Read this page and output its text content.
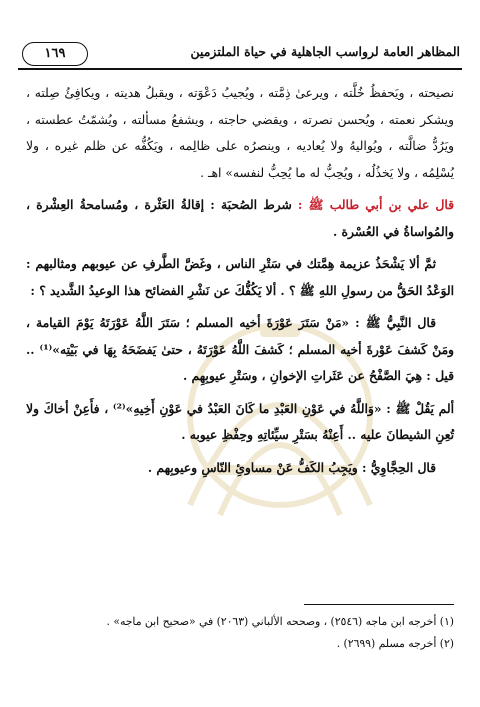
المظاهر العامة لرواسب الجاهلية في حياة الملتزمين
١٦٩

نصيحته ، ويَحفظُ خُلَّته ، ويرعىٰ ذِمَّته ، ويُجيبُ دَعْوَته ، ويقبلُ هديته ، ويكافِئُ صِلته ، ويشكر نعمته ، ويُحسن نصرته ، ويقضي حاجته ، ويشفعُ مسألته ، ويُشمّتُ عطسته ، ويَرُدُّ ضالَّته ، ويُواليهُ ولا يُعاديه ، وينصرُه على ظالِمه ، ويَكُفُّه عن ظلم غيره ، ولا يُسْلِمُه ، ولا يَخذُلُه ، ويُحِبُّ له ما يُحِبُّ لنفسه» اهـ .

قال علي بن أبي طالب ﷺ : شرط الصُحبَة : إقالةُ العَثْرة ، ومُسامحةُ العِشْرة ، والمُواساةُ في العُسْرة .

ثمَّ ألا يَشْحَذُ عزيمة هِمَّتك في سَتْرِ الناس ، وغَضَّ الطَّرفِ عن عيوبهم ومثالبهم : الوَعْدُ الحَقُّ من رسولِ اللهِ ﷺ ؟ . ألا يَكُفُّكَ عن نَشْرِ الفضائح هذا الوعيدُ الشَّديد ؟ :

قال النَّبِيُّ ﷺ : «مَنْ سَتَرَ عَوْرَةَ أخيه المسلم ؛ سَتَرَ اللَّهُ عَوْرَتَهُ يَوْمَ القيامة ، ومَنْ كَشفَ عَوْرةَ أخيه المسلم ؛ كَشفَ اللَّهُ عَوْرَتَهُ ، حتىٰ يَفضَحَهُ بِهَا في بَيْتِه»⁽¹⁾ .. قيل : هِيَ الصَّفْحُ عن عَثَراتِ الإخوانِ ، وسَتْرِ عيوبِهِم .

ألم يَقُلْ ﷺ : «وَاللَّهُ في عَوْنِ العَبْدِ ما كَانَ العَبْدُ في عَوْنِ أَخِيهِ»⁽²⁾ ، فأَعِنْ أخاكَ ولا تُعِنِ الشيطانَ عليه .. أَعِنْهُ بسَتْرِ سيِّئاتِهِ وحِفْظِ عيوبه .

قال الحِجَّاوِيُّ : ويَجِبُ الكَفُّ عَنْ مساوئِ النّاسِ وعيوبِهم .

(١) أخرجه ابن ماجه (٢٥٤٦) ، وصححه الألباني (٢٠٦٣) في «صحيح ابن ماجه» .
(٢) أخرجه مسلم (٢٦٩٩) .
